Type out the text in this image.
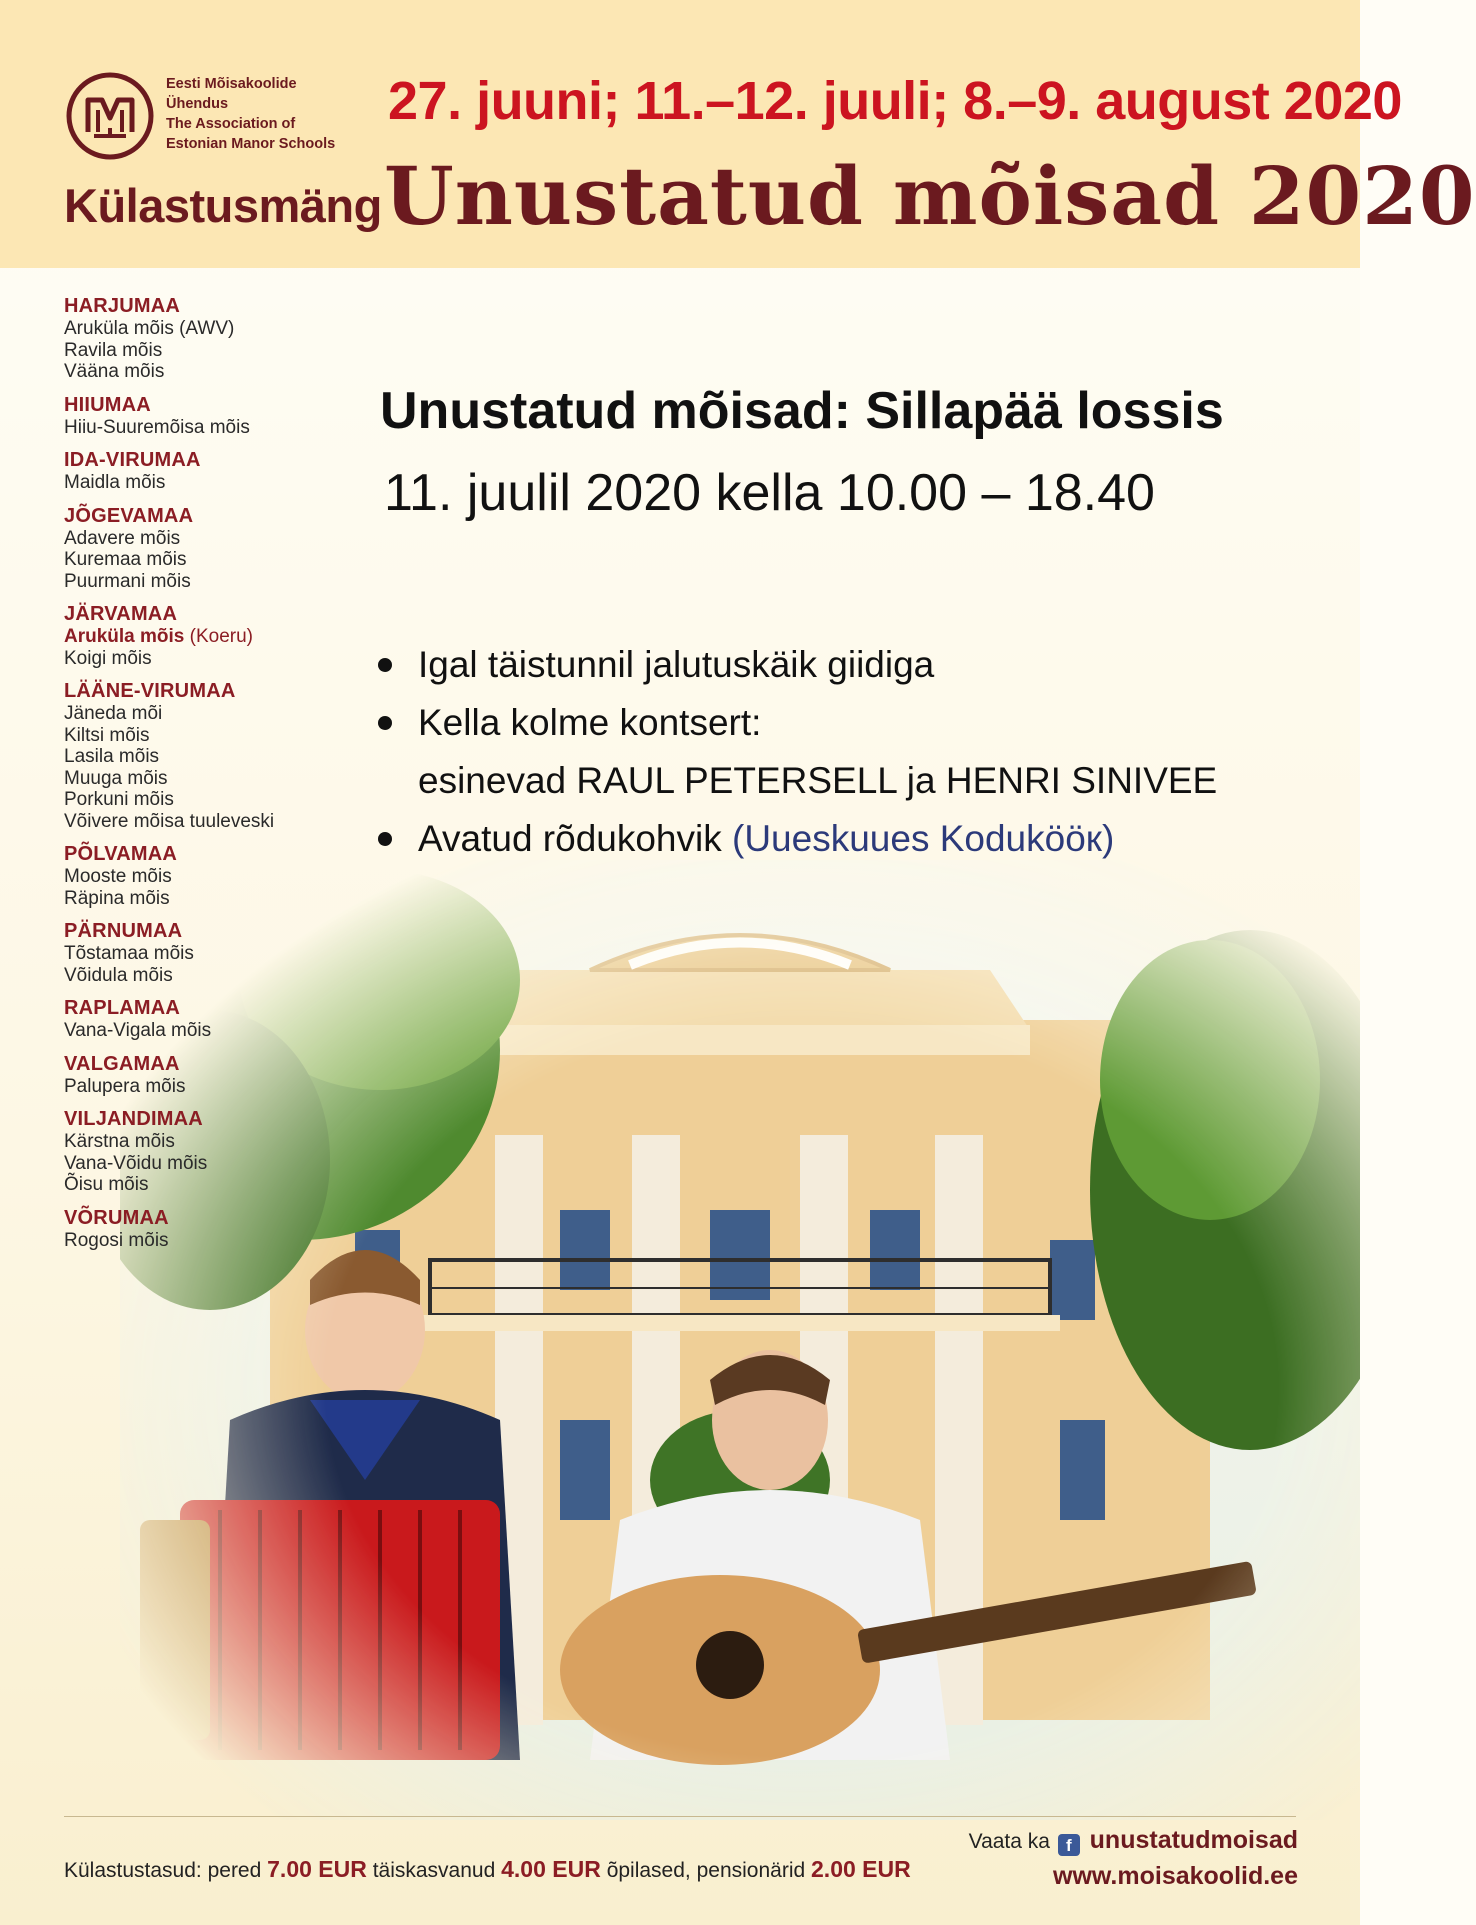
Eesti Mõisakoolide
Ühendus
The Association of
Estonian Manor Schools
27. juuni; 11.–12. juuli; 8.–9. august 2020
Külastusmäng Unustatud mõisad 2020
HARJUMAA
Aruküla mõis (AWV)
Ravila mõis
Vääna mõis
HIIUMAA
Hiiu-Suuremõisa mõis
IDA-VIRUMAA
Maidla mõis
JÕGEVAMAA
Adavere mõis
Kuremaa mõis
Puurmani mõis
JÄRVAMAA
Aruküla mõis (Koeru)
Koigi mõis
LÄÄNE-VIRUMAA
Jäneda mõi
Kiltsi mõis
Lasila mõis
Muuga mõis
Porkuni mõis
Võivere mõisa tuuleveski
PÕLVAMAA
Mooste mõis
Räpina mõis
PÄRNUMAA
Tõstamaa mõis
Võidula mõis
RAPLAMAA
Vana-Vigala mõis
VALGAMAA
Palupera mõis
VILJANDIMAA
Kärstna mõis
Vana-Võidu mõis
Õisu mõis
VÕRUMAA
Rogosi mõis
Unustatud mõisad: Sillapää lossis
11. juulil 2020 kella 10.00 – 18.40
Igal täistunnil jalutuskäik giidiga
Kella kolme kontsert:
esinevad RAUL PETERSELL ja HENRI SINIVEE
Avatud rõdukohvik (Uueskuues Kodukööк)
Külastustasud: pered 7.00 EUR täiskasvanud 4.00 EUR õpilased, pensionärid 2.00 EUR
Vaata ka f unustatudmoisad
www.moisakoolid.ee
